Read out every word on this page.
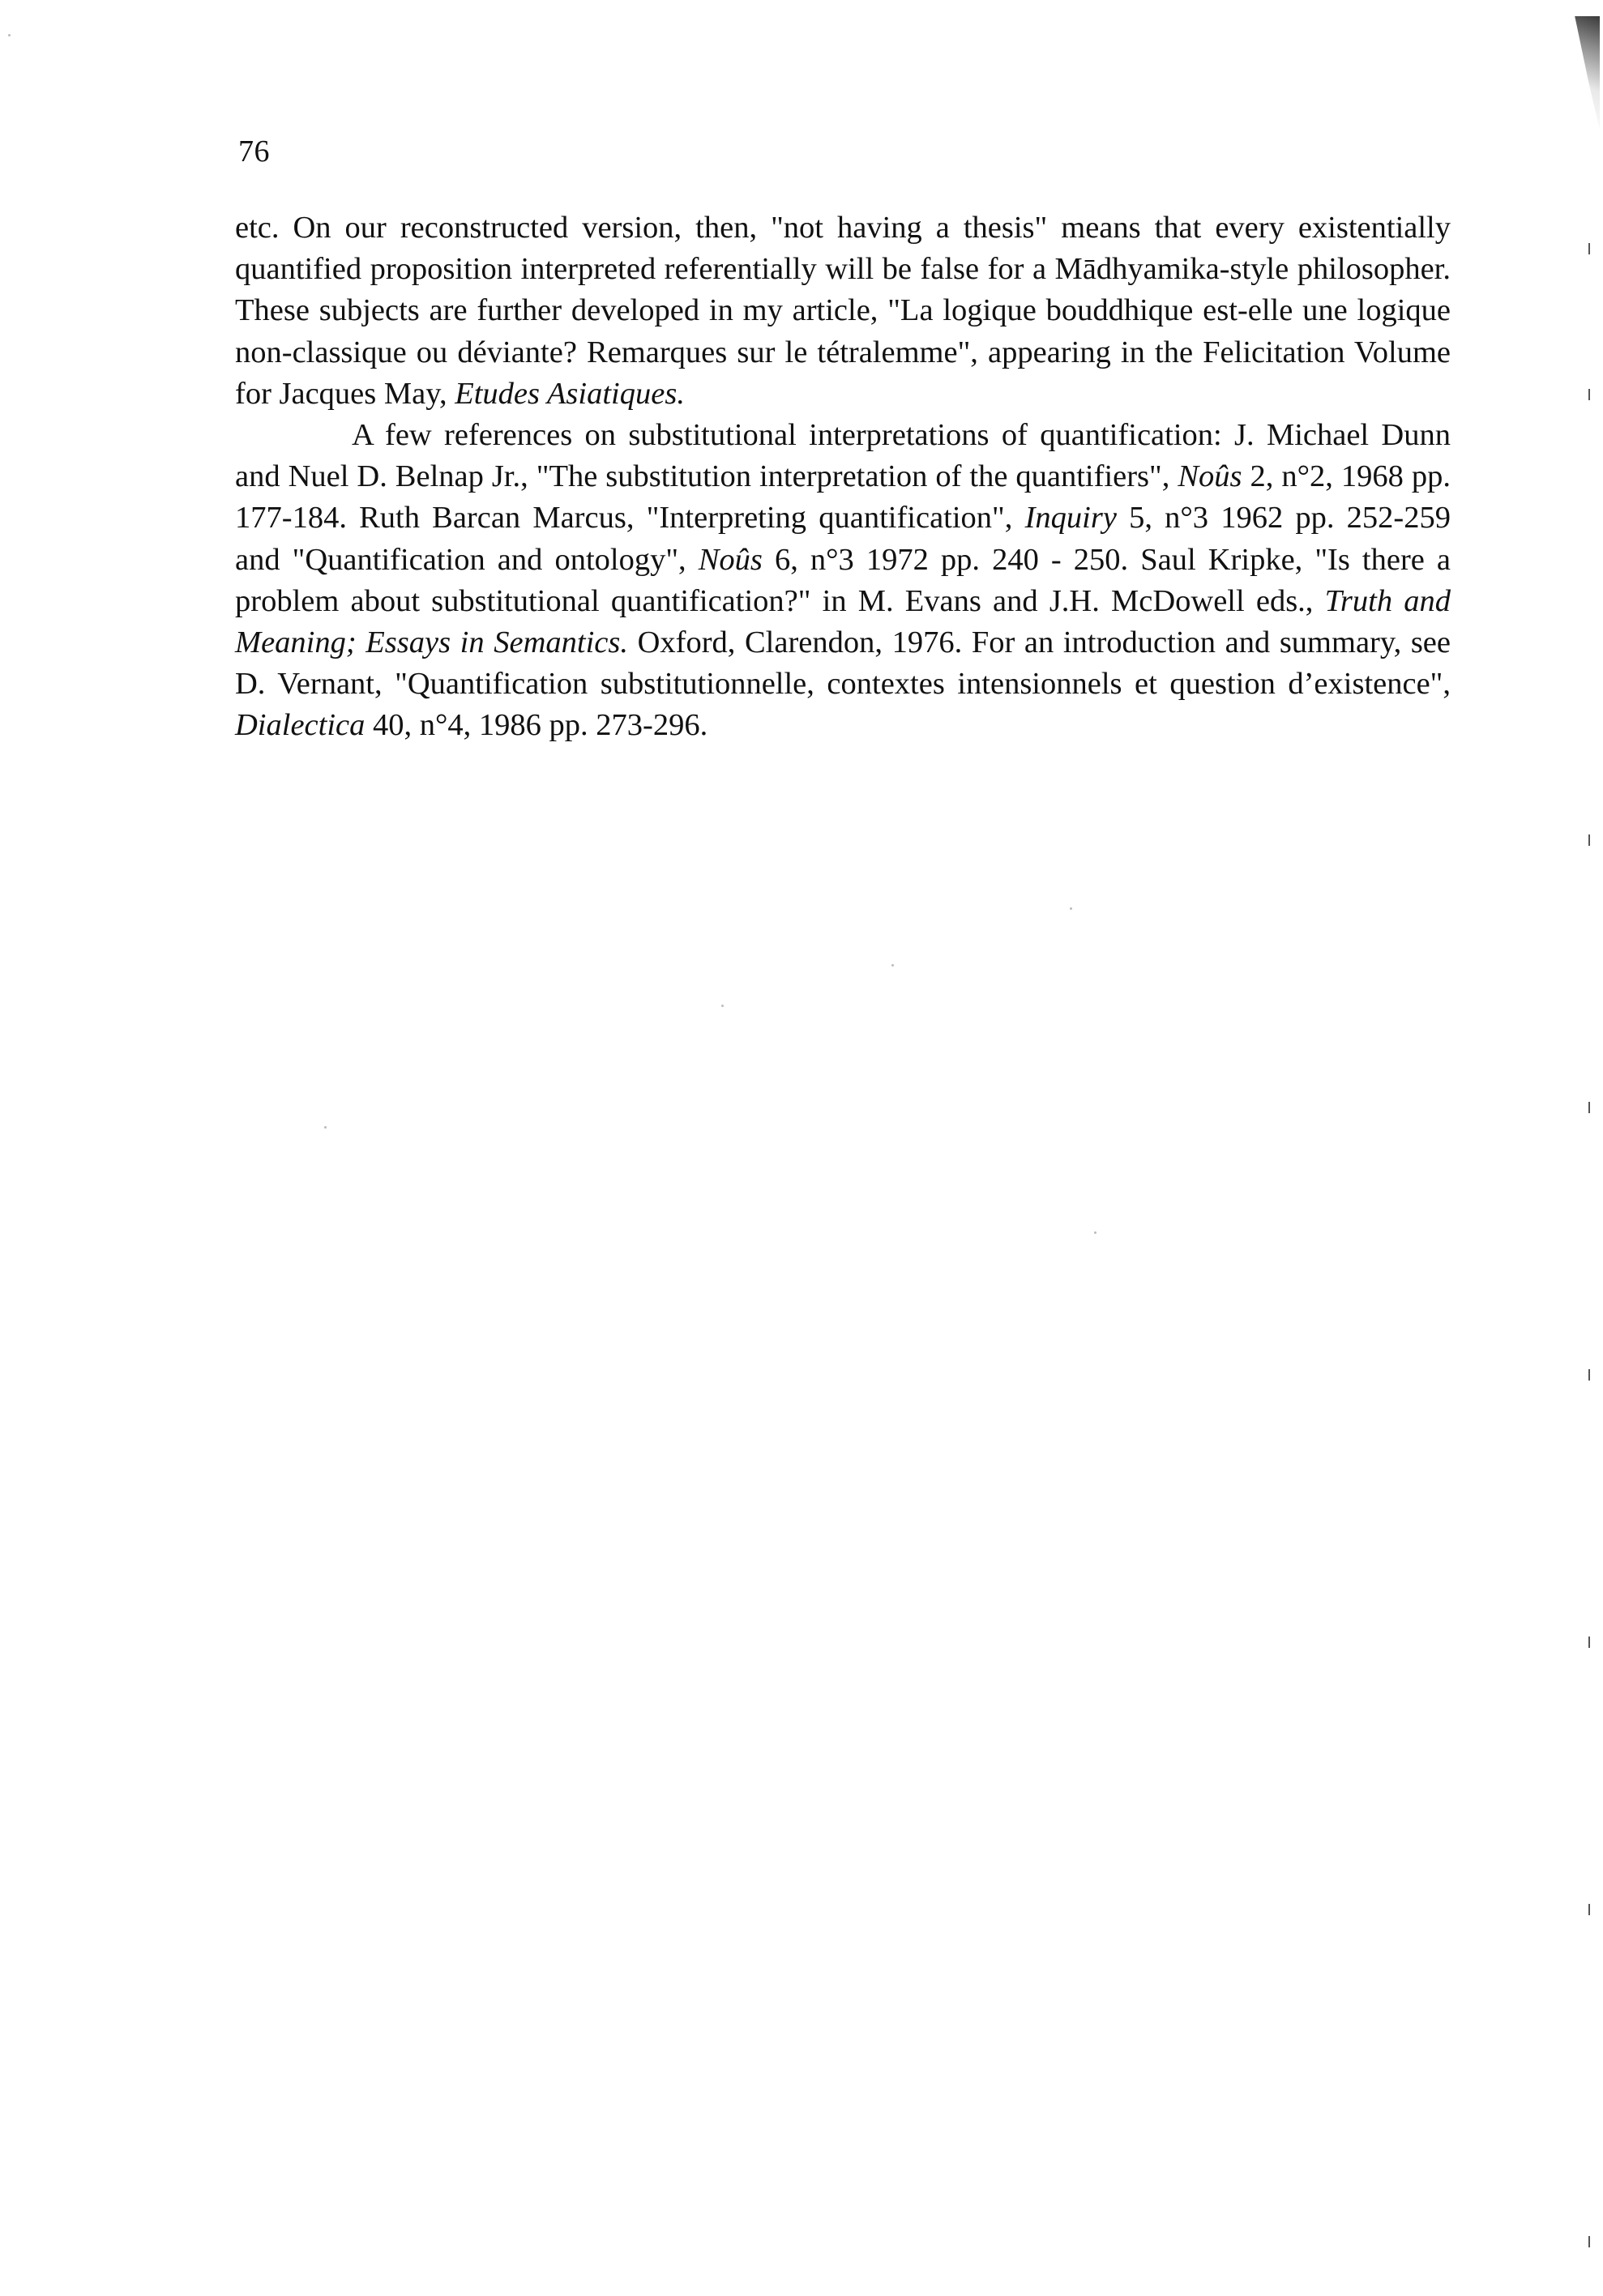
76

etc. On our reconstructed version, then, "not having a thesis" means that every existentially quantified proposition interpreted referentially will be false for a Mādhyamika-style philosopher. These subjects are further developed in my article, "La logique bouddhique est-elle une logique non-classique ou déviante? Remarques sur le tétralemme", appearing in the Felicitation Volume for Jacques May, Etudes Asiatiques.

A few references on substitutional interpretations of quantification: J. Michael Dunn and Nuel D. Belnap Jr., "The substitution interpretation of the quantifiers", Noûs 2, n°2, 1968 pp. 177-184. Ruth Barcan Marcus, "Interpreting quantification", Inquiry 5, n°3 1962 pp. 252-259 and "Quantification and ontology", Noûs 6, n°3 1972 pp. 240 - 250. Saul Kripke, "Is there a problem about substitutional quantification?" in M. Evans and J.H. McDowell eds., Truth and Meaning; Essays in Semantics. Oxford, Clarendon, 1976. For an introduction and summary, see D. Vernant, "Quantification substitutionnelle, contextes intensionnels et question d’existence", Dialectica 40, n°4, 1986 pp. 273-296.
